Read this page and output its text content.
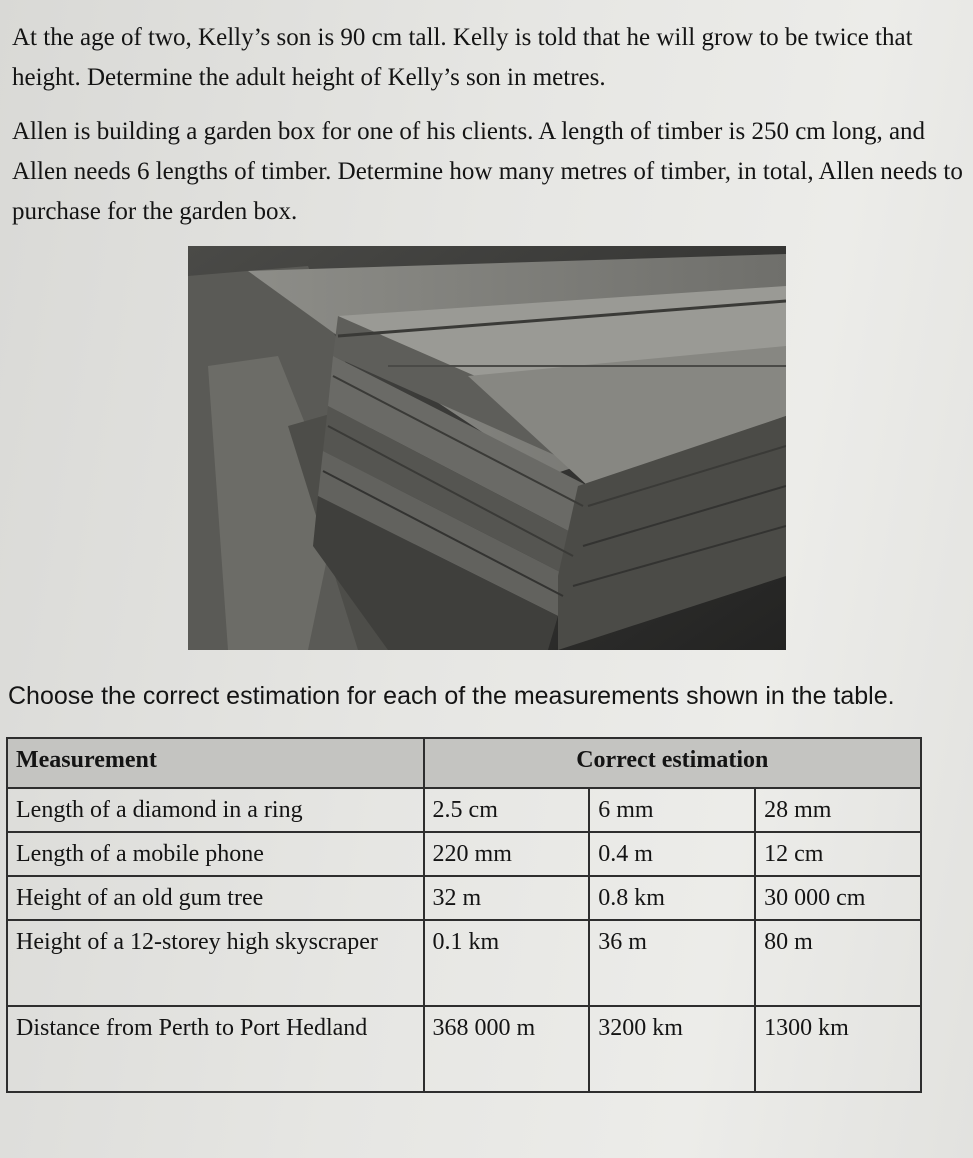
At the age of two, Kelly’s son is 90 cm tall. Kelly is told that he will grow to be twice that height. Determine the adult height of Kelly’s son in metres.

Allen is building a garden box for one of his clients. A length of timber is 250 cm long, and Allen needs 6 lengths of timber. Determine how many metres of timber, in total, Allen needs to purchase for the garden box.

Choose the correct estimation for each of the measurements shown in the table.

Measurement	Correct estimation		
Length of a diamond in a ring	2.5 cm	6 mm	28 mm
Length of a mobile phone	220 mm	0.4 m	12 cm
Height of an old gum tree	32 m	0.8 km	30 000 cm
Height of a 12-storey high skyscraper	0.1 km	36 m	80 m
Distance from Perth to Port Hedland	368 000 m	3200 km	1300 km
